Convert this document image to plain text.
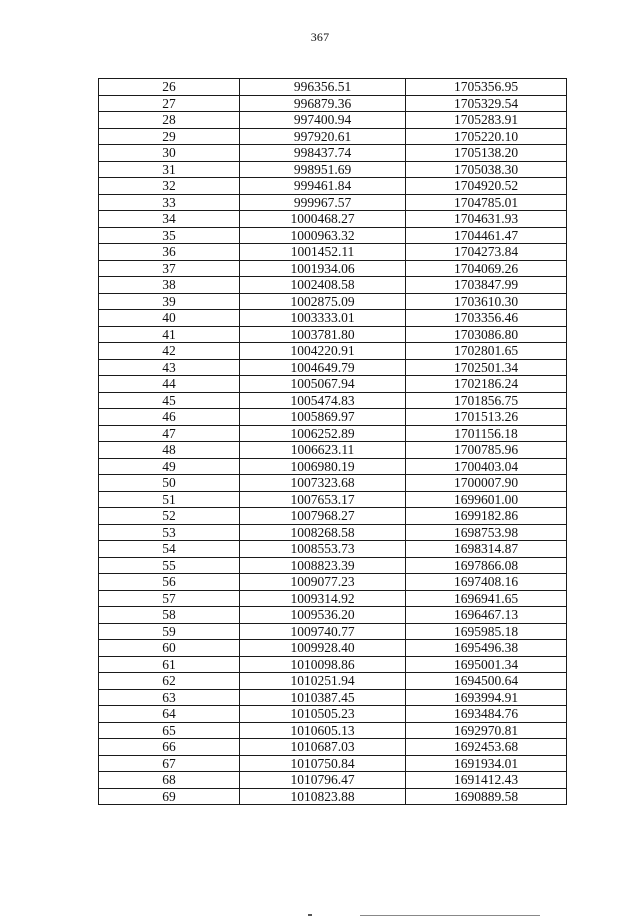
367
26	996356.51	1705356.95
27	996879.36	1705329.54
28	997400.94	1705283.91
29	997920.61	1705220.10
30	998437.74	1705138.20
31	998951.69	1705038.30
32	999461.84	1704920.52
33	999967.57	1704785.01
34	1000468.27	1704631.93
35	1000963.32	1704461.47
36	1001452.11	1704273.84
37	1001934.06	1704069.26
38	1002408.58	1703847.99
39	1002875.09	1703610.30
40	1003333.01	1703356.46
41	1003781.80	1703086.80
42	1004220.91	1702801.65
43	1004649.79	1702501.34
44	1005067.94	1702186.24
45	1005474.83	1701856.75
46	1005869.97	1701513.26
47	1006252.89	1701156.18
48	1006623.11	1700785.96
49	1006980.19	1700403.04
50	1007323.68	1700007.90
51	1007653.17	1699601.00
52	1007968.27	1699182.86
53	1008268.58	1698753.98
54	1008553.73	1698314.87
55	1008823.39	1697866.08
56	1009077.23	1697408.16
57	1009314.92	1696941.65
58	1009536.20	1696467.13
59	1009740.77	1695985.18
60	1009928.40	1695496.38
61	1010098.86	1695001.34
62	1010251.94	1694500.64
63	1010387.45	1693994.91
64	1010505.23	1693484.76
65	1010605.13	1692970.81
66	1010687.03	1692453.68
67	1010750.84	1691934.01
68	1010796.47	1691412.43
69	1010823.88	1690889.58
